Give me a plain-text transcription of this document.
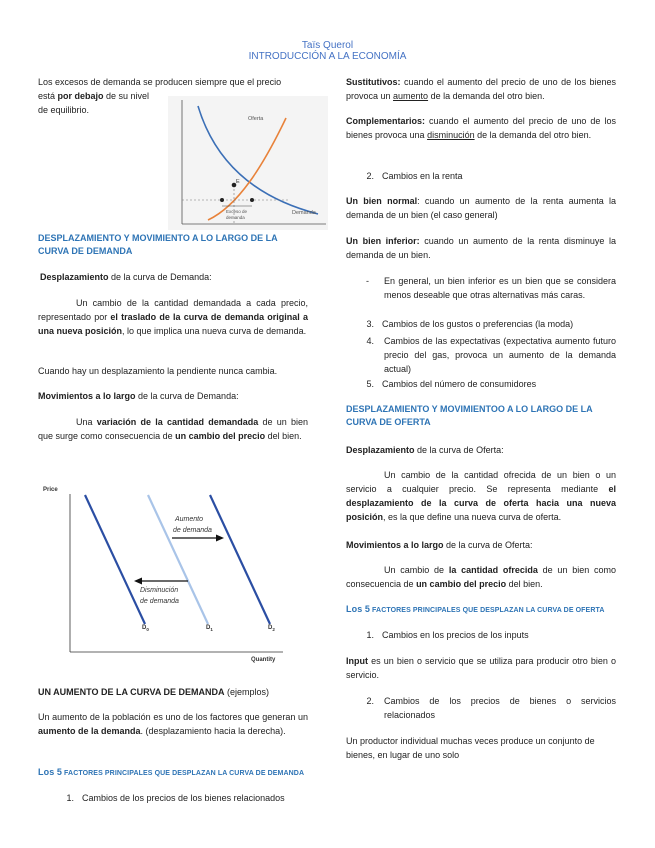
Taïs Querol
INTRODUCCIÓN A LA ECONOMÍA
Los excesos de demanda se producen siempre que el precio
está por debajo de su nivel
de equilibrio.
Oferta
Demanda
E
Exceso de
demanda
DESPLAZAMIENTO Y MOVIMIENTO A LO LARGO DE LA CURVA DE DEMANDA
Desplazamiento de la curva de Demanda:
Un cambio de la cantidad demandada a cada precio, representado por el traslado de la curva de demanda original a una nueva posición, lo que implica una nueva curva de demanda.
Cuando hay un desplazamiento la pendiente nunca cambia.
Movimientos a lo largo de la curva de Demanda:
Una variación de la cantidad demandada de un bien que surge como consecuencia de un cambio del precio del bien.
Price
Quantity
$D_0$	$D_1$	$D_2$
Aumento
de demanda
Disminución
de demanda
UN AUMENTO DE LA CURVA DE DEMANDA (ejemplos)
Un aumento de la población es uno de los factores que generan un aumento de la demanda. (desplazamiento hacia la derecha).
Los 5 FACTORES PRINCIPALES QUE DESPLAZAN LA CURVA DE DEMANDA
1. Cambios de los precios de los bienes relacionados
Sustitutivos: cuando el aumento del precio de uno de los bienes provoca un aumento de la demanda del otro bien.
Complementarios: cuando el aumento del precio de uno de los bienes provoca una disminución de la demanda del otro bien.
2. Cambios en la renta
Un bien normal: cuando un aumento de la renta aumenta la demanda de un bien (el caso general)
Un bien inferior: cuando un aumento de la renta disminuye la demanda de un bien.
- En general, un bien inferior es un bien que se considera menos deseable que otras alternativas más caras.
3. Cambios de los gustos o preferencias (la moda)
4.	Cambios de las expectativas (expectativa aumento futuro precio del gas, provoca un aumento de la demanda actual)
5. Cambios del número de consumidores
DESPLAZAMIENTO Y MOVIMIENTOO A LO LARGO DE LA CURVA DE OFERTA
Desplazamiento de la curva de Oferta:
Un cambio de la cantidad ofrecida de un bien o un servicio a cualquier precio. Se representa mediante el desplazamiento de la curva de oferta hacia una nueva posición, es la que define una nueva curva de oferta.
Movimientos a lo largo de la curva de Oferta:
Un cambio de la cantidad ofrecida de un bien como consecuencia de un cambio del precio del bien.
Los 5 FACTORES PRINCIPALES QUE DESPLAZAN LA CURVA DE OFERTA
1. Cambios en los precios de los inputs
Input es un bien o servicio que se utiliza para producir otro bien o servicio.
2.	Cambios de los precios de bienes o servicios relacionados
Un productor individual muchas veces produce un conjunto de bienes, en lugar de uno solo
